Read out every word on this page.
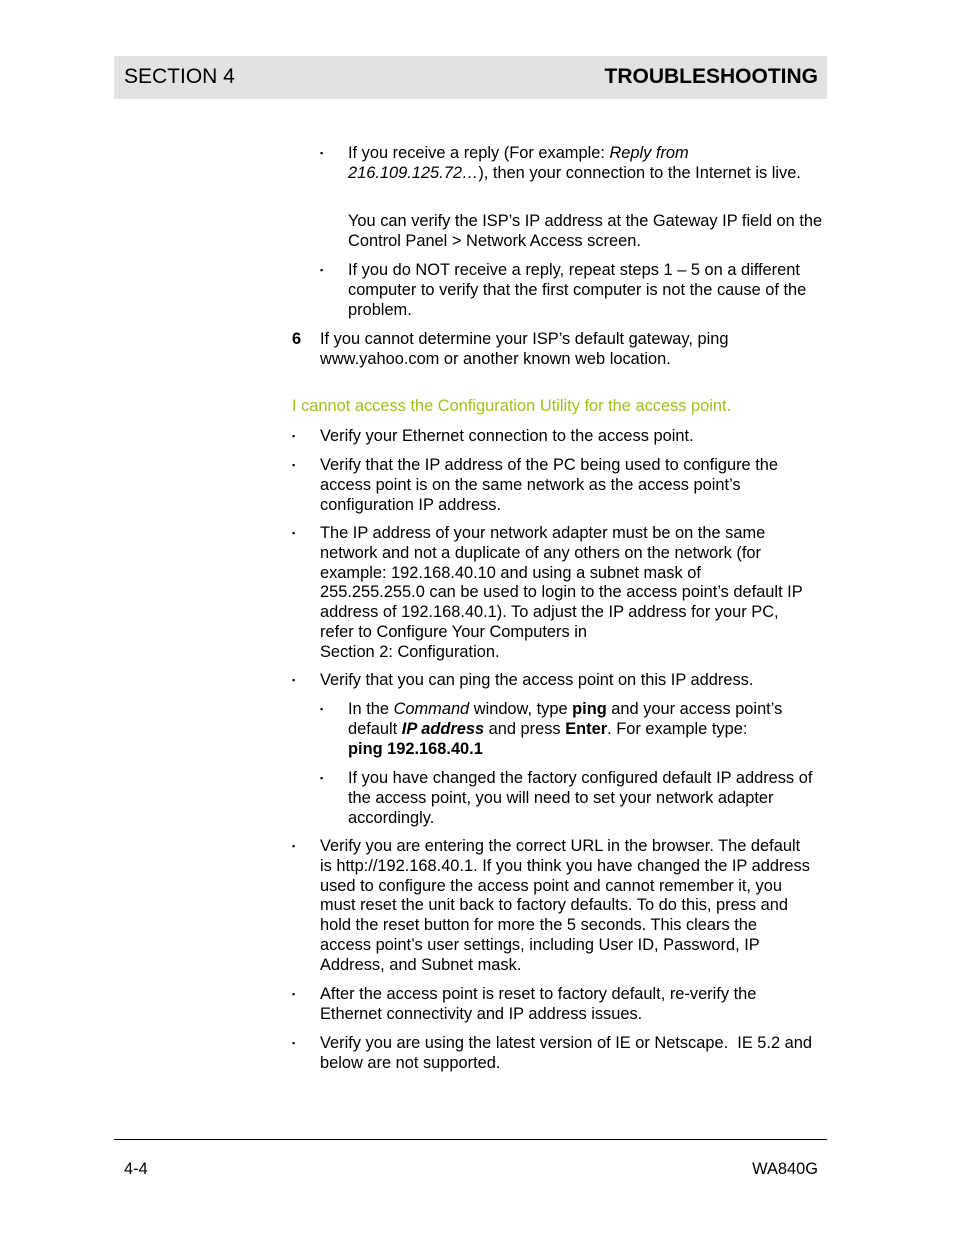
SECTION 4	TROUBLESHOOTING
▪ If you receive a reply (For example: Reply from 216.109.125.72…), then your connection to the Internet is live.

You can verify the ISP’s IP address at the Gateway IP field on the Control Panel > Network Access screen.

▪ If you do NOT receive a reply, repeat steps 1 – 5 on a different computer to verify that the first computer is not the cause of the problem.

6 If you cannot determine your ISP’s default gateway, ping www.yahoo.com or another known web location.

I cannot access the Configuration Utility for the access point.

▪ Verify your Ethernet connection to the access point.

▪ Verify that the IP address of the PC being used to configure the access point is on the same network as the access point’s configuration IP address.

▪ The IP address of your network adapter must be on the same network and not a duplicate of any others on the network (for example: 192.168.40.10 and using a subnet mask of 255.255.255.0 can be used to login to the access point’s default IP address of 192.168.40.1). To adjust the IP address for your PC, refer to Configure Your Computers in
Section 2: Configuration.

▪ Verify that you can ping the access point on this IP address.

▪ In the Command window, type ping and your access point’s default IP address and press Enter. For example type:
ping 192.168.40.1

▪ If you have changed the factory configured default IP address of the access point, you will need to set your network adapter accordingly.

▪ Verify you are entering the correct URL in the browser. The default is http://192.168.40.1. If you think you have changed the IP address used to configure the access point and cannot remember it, you must reset the unit back to factory defaults. To do this, press and hold the reset button for more the 5 seconds. This clears the access point’s user settings, including User ID, Password, IP Address, and Subnet mask.

▪ After the access point is reset to factory default, re-verify the Ethernet connectivity and IP address issues.

▪ Verify you are using the latest version of IE or Netscape.  IE 5.2 and below are not supported.

4-4	WA840G
